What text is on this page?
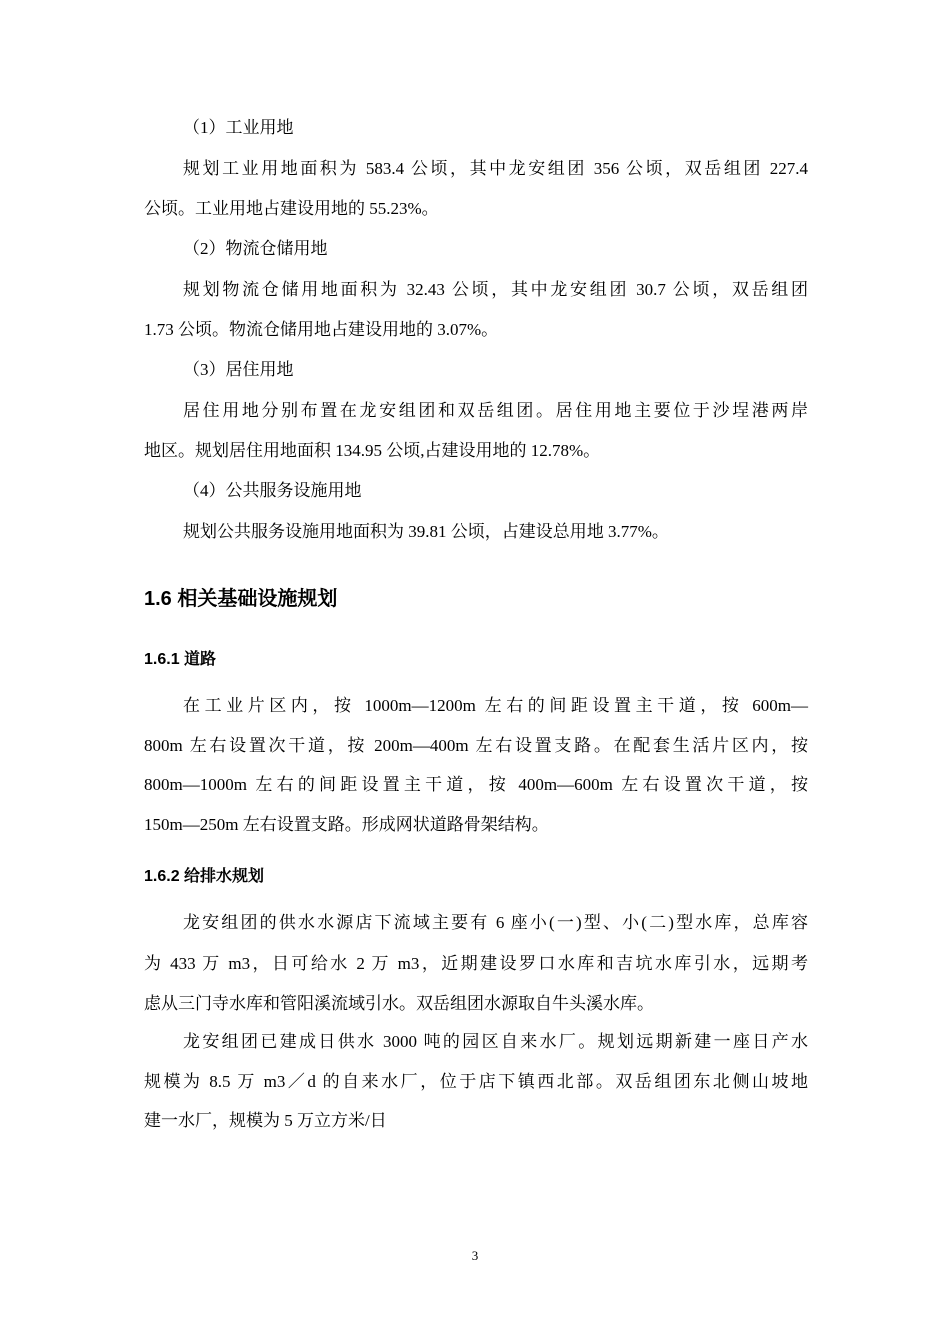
（1）工业用地
规划工业用地面积为 583.4 公顷，其中龙安组团 356 公顷，双岳组团 227.4
公顷。工业用地占建设用地的 55.23%。
（2）物流仓储用地
规划物流仓储用地面积为 32.43 公顷，其中龙安组团 30.7 公顷，双岳组团
1.73 公顷。物流仓储用地占建设用地的 3.07%。
（3）居住用地
居住用地分别布置在龙安组团和双岳组团。居住用地主要位于沙埕港两岸
地区。规划居住用地面积 134.95 公顷,占建设用地的 12.78%。
（4）公共服务设施用地
规划公共服务设施用地面积为 39.81 公顷，占建设总用地 3.77%。
1.6 相关基础设施规划
1.6.1 道路
在工业片区内，按 1000m—1200m 左右的间距设置主干道，按 600m—
800m 左右设置次干道，按 200m—400m 左右设置支路。在配套生活片区内，按
800m—1000m 左右的间距设置主干道，按 400m—600m 左右设置次干道，按
150m—250m 左右设置支路。形成网状道路骨架结构。
1.6.2 给排水规划
龙安组团的供水水源店下流域主要有 6 座小(一)型、小(二)型水库，总库容
为 433 万 m3，日可给水 2 万 m3，近期建设罗口水库和吉坑水库引水，远期考
虑从三门寺水库和管阳溪流域引水。双岳组团水源取自牛头溪水库。
龙安组团已建成日供水 3000 吨的园区自来水厂。规划远期新建一座日产水
规模为 8.5 万 m3／d 的自来水厂，位于店下镇西北部。双岳组团东北侧山坡地
建一水厂，规模为 5 万立方米/日
3
